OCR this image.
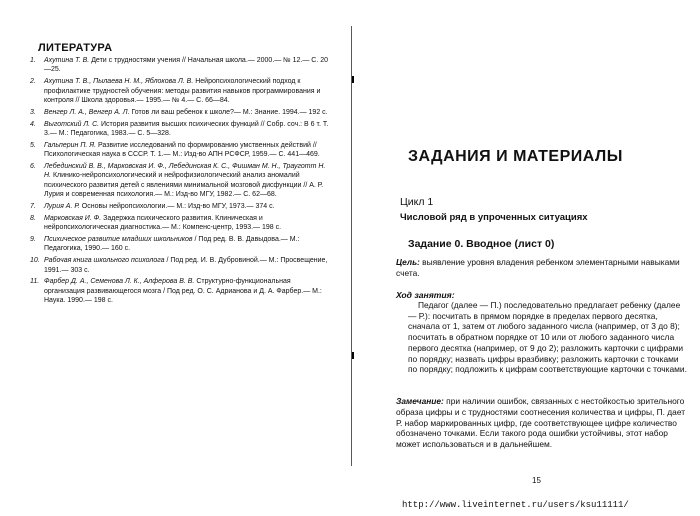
ЛИТЕРАТУРА
1.	Ахутина Т. В. Дети с трудностями учения // Начальная школа.— 2000.— № 12.— С. 20—25.
2.	Ахутина Т. В., Пылаева Н. М., Яблокова Л. В. Нейропсихологический подход к профилактике трудностей обучения: методы развития навыков программирования и контроля // Школа здоровья.— 1995.— № 4.— С. 66—84.
3.	Венгер Л. А., Венгер А. Л. Готов ли ваш ребенок к школе?— М.: Знание. 1994.— 192 с.
4.	Выготский Л. С. История развития высших психических функций // Собр. соч.: В 6 т. Т. 3.— М.: Педагогика, 1983.— С. 5—328.
5.	Гальперин П. Я. Развитие исследований по формированию умственных действий // Психологическая наука в СССР. Т. 1.— М.: Изд-во АПН РСФСР, 1959.— С. 441—469.
6.	Лебединский В. В., Марковская И. Ф., Лебединская К. С., Фишман М. Н., Трауготт Н. Н. Клинико-нейропсихологический и нейрофизиологический анализ аномалий психического развития детей с явлениями минимальной мозговой дисфункции // А. Р. Лурия и современная психология.— М.: Изд-во МГУ, 1982.— С. 62—68.
7.	Лурия А. Р. Основы нейропсихологии.— М.: Изд-во МГУ, 1973.— 374 с.
8.	Марковская И. Ф. Задержка психического развития. Клиническая и нейропсихологическая диагностика.— М.: Компенс-центр, 1993.— 198 с.
9.	Психическое развитие младших школьников / Под ред. В. В. Давыдова.— М.: Педагогика, 1990.— 160 с.
10. Рабочая книга школьного психолога / Под ред. И. В. Дубровиной.— М.: Просвещение, 1991.— 303 с.
11. Фарбер Д. А., Семенова Л. К., Алферова В. В. Структурно-функциональная организация развивающегося мозга / Под ред. О. С. Адрианова и Д. А. Фарбер.— М.: Наука. 1990.— 198 с.
ЗАДАНИЯ И МАТЕРИАЛЫ
Цикл 1
Числовой ряд в упроченных ситуациях
Задание 0. Вводное (лист 0)
Цель: выявление уровня владения ребенком элементарными навыками счета.
Ход занятия:
Педагог (далее — П.) последовательно предлагает ребенку (далее — Р.): посчитать в прямом порядке в пределах первого десятка, сначала от 1, затем от любого заданного числа (например, от 3 до 8); посчитать в обратном порядке от 10 или от любого заданного числа первого десятка (например, от 9 до 2); разложить карточки с цифрами по порядку; назвать цифры вразбивку; разложить карточки с точками по порядку; подложить к цифрам соответствующие карточки с точками.
Замечание: при наличии ошибок, связанных с нестойкостью зрительного образа цифры и с трудностями соотнесения количества и цифры, П. дает Р. набор маркированных цифр, где соответствующее цифре количество обозначено точками. Если такого рода ошибки устойчивы, этот набор может использоваться и в дальнейшем.
15
http://www.liveinternet.ru/users/ksu11111/
